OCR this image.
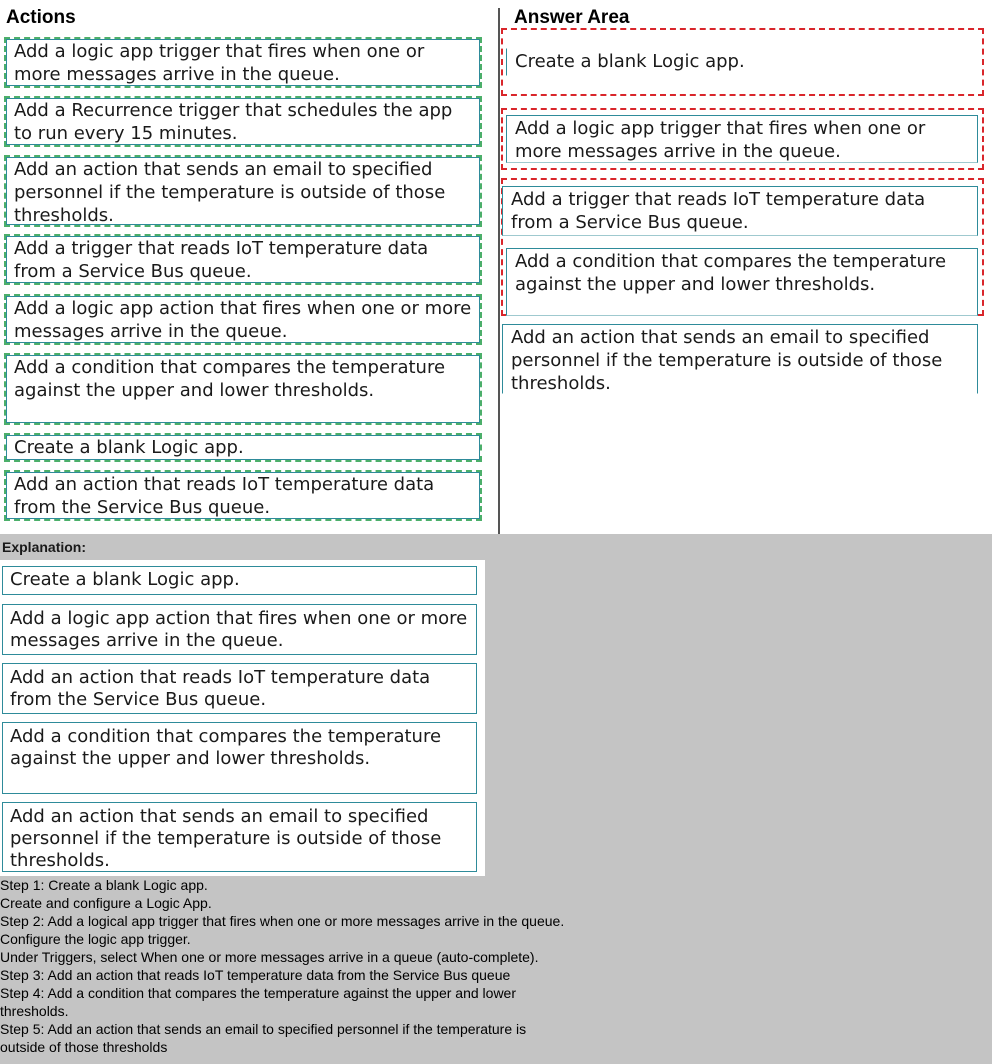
Actions	Answer Area
Add a logic app trigger that fires when one or more messages arrive in the queue.
Add a Recurrence trigger that schedules the app to run every 15 minutes.
Add an action that sends an email to specified personnel if the temperature is outside of those thresholds.
Add a trigger that reads IoT temperature data from a Service Bus queue.
Add a logic app action that fires when one or more messages arrive in the queue.
Add a condition that compares the temperature against the upper and lower thresholds.
Create a blank Logic app.
Add an action that reads IoT temperature data from the Service Bus queue.
Create a blank Logic app.
Add a logic app trigger that fires when one or more messages arrive in the queue.
Add a trigger that reads IoT temperature data from a Service Bus queue.
Add a condition that compares the temperature against the upper and lower thresholds.
Add an action that sends an email to specified personnel if the temperature is outside of those thresholds.
Explanation:
Create a blank Logic app.
Add a logic app action that fires when one or more messages arrive in the queue.
Add an action that reads IoT temperature data from the Service Bus queue.
Add a condition that compares the temperature against the upper and lower thresholds.
Add an action that sends an email to specified personnel if the temperature is outside of those thresholds.
Step 1: Create a blank Logic app.
Create and configure a Logic App.
Step 2: Add a logical app trigger that fires when one or more messages arrive in the queue.
Configure the logic app trigger.
Under Triggers, select When one or more messages arrive in a queue (auto-complete).
Step 3: Add an action that reads IoT temperature data from the Service Bus queue
Step 4: Add a condition that compares the temperature against the upper and lower
thresholds.
Step 5: Add an action that sends an email to specified personnel if the temperature is
outside of those thresholds
